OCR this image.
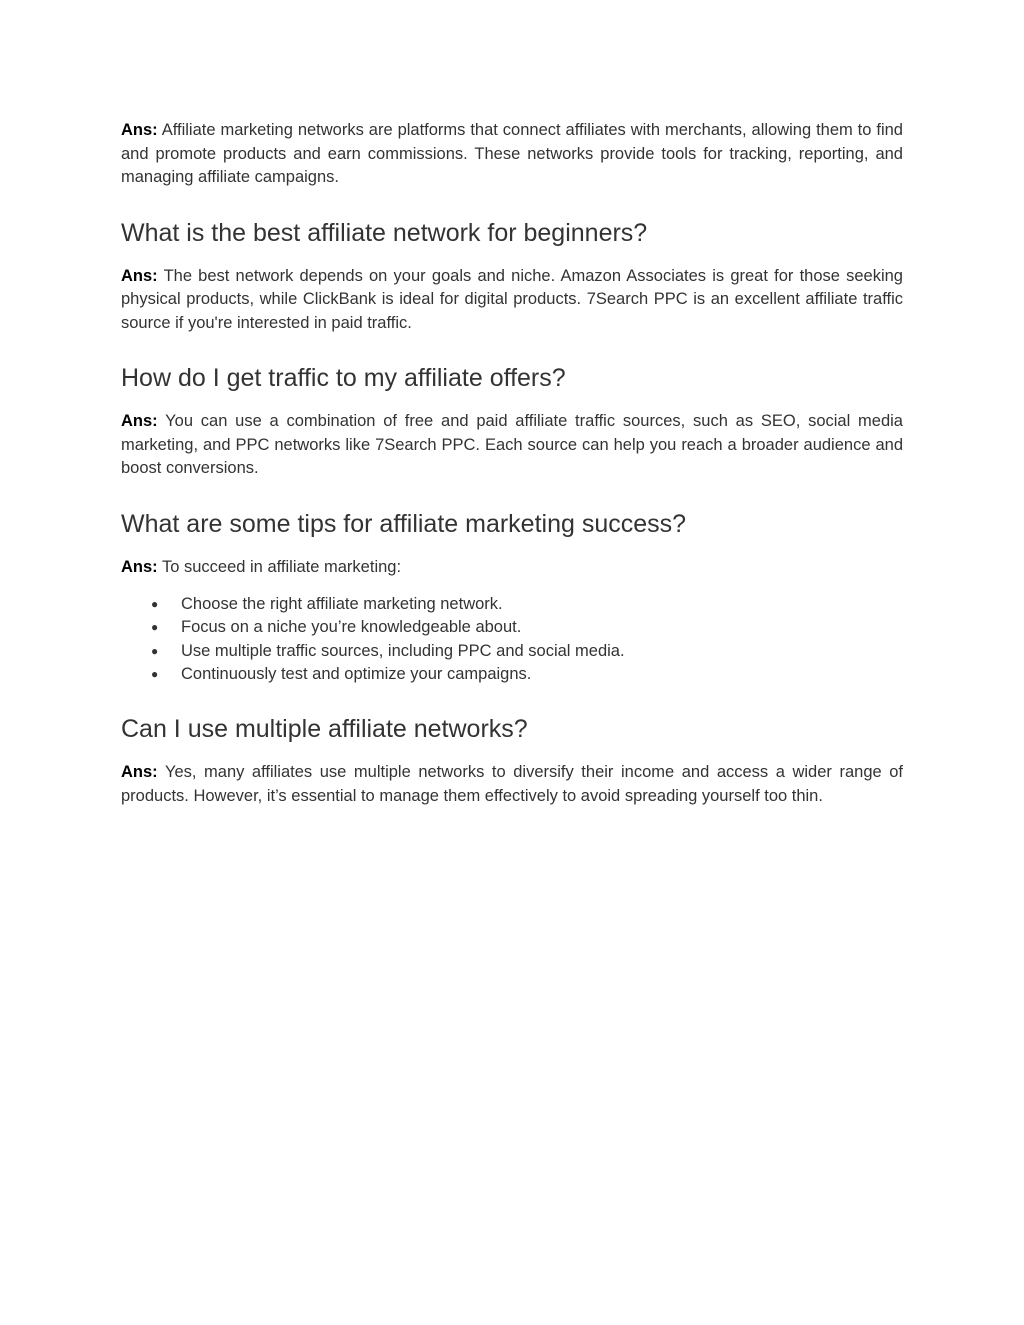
Ans: Affiliate marketing networks are platforms that connect affiliates with merchants, allowing them to find and promote products and earn commissions. These networks provide tools for tracking, reporting, and managing affiliate campaigns.

What is the best affiliate network for beginners?

Ans: The best network depends on your goals and niche. Amazon Associates is great for those seeking physical products, while ClickBank is ideal for digital products. 7Search PPC is an excellent affiliate traffic source if you're interested in paid traffic.

How do I get traffic to my affiliate offers?

Ans: You can use a combination of free and paid affiliate traffic sources, such as SEO, social media marketing, and PPC networks like 7Search PPC. Each source can help you reach a broader audience and boost conversions.

What are some tips for affiliate marketing success?

Ans: To succeed in affiliate marketing:

● Choose the right affiliate marketing network.
● Focus on a niche you’re knowledgeable about.
● Use multiple traffic sources, including PPC and social media.
● Continuously test and optimize your campaigns.
Can I use multiple affiliate networks?

Ans: Yes, many affiliates use multiple networks to diversify their income and access a wider range of products. However, it’s essential to manage them effectively to avoid spreading yourself too thin.
